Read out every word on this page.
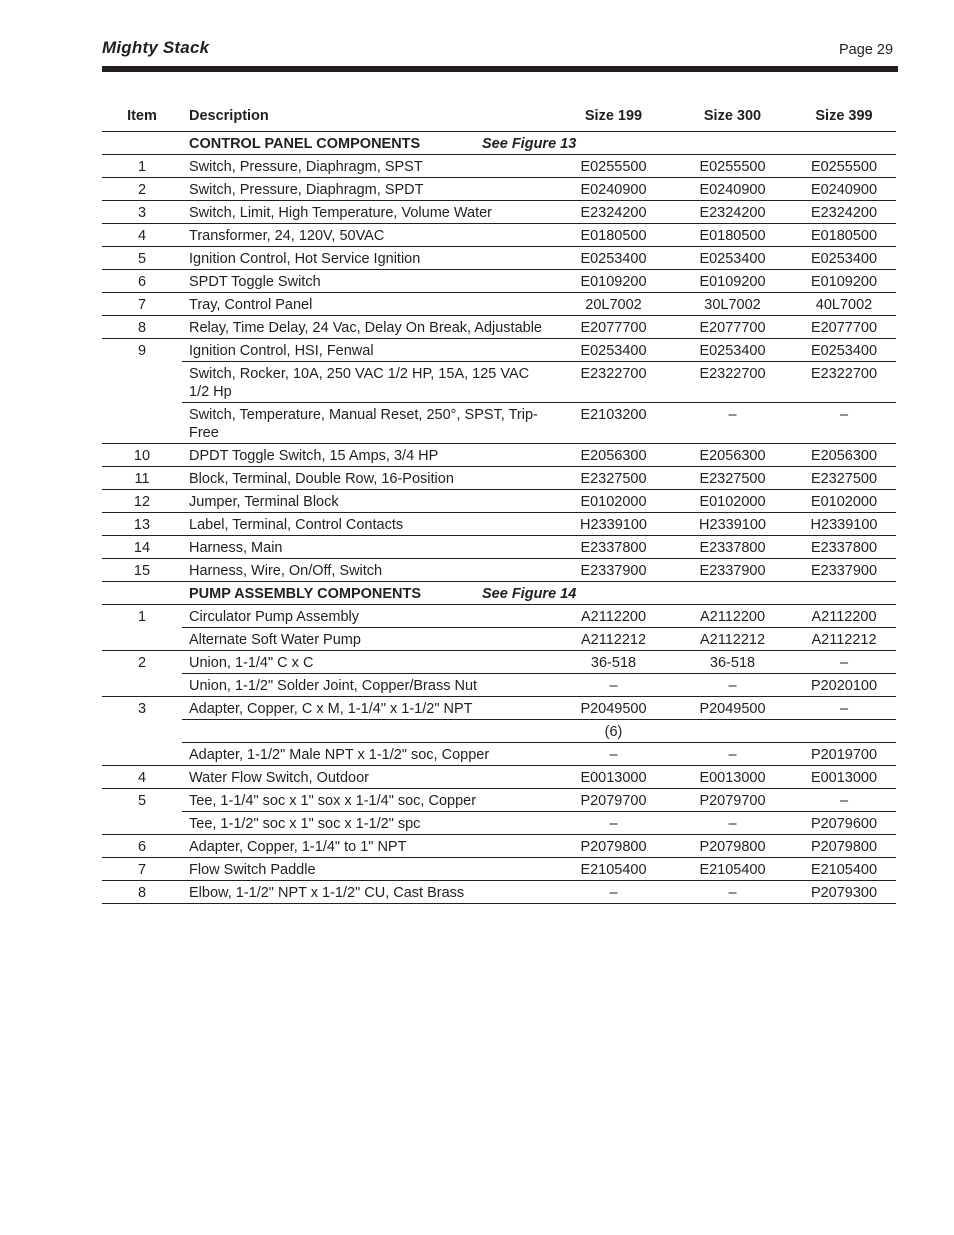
Mighty Stack	Page 29
Item	Description	Size 199	Size 300	Size 399
	CONTROL PANEL COMPONENTS See Figure 13			
1	Switch, Pressure, Diaphragm, SPST	E0255500	E0255500	E0255500
2	Switch, Pressure, Diaphragm, SPDT	E0240900	E0240900	E0240900
3	Switch, Limit, High Temperature, Volume Water	E2324200	E2324200	E2324200
4	Transformer, 24, 120V, 50VAC	E0180500	E0180500	E0180500
5	Ignition Control, Hot Service Ignition	E0253400	E0253400	E0253400
6	SPDT Toggle Switch	E0109200	E0109200	E0109200
7	Tray, Control Panel	20L7002	30L7002	40L7002
8	Relay, Time Delay, 24 Vac, Delay On Break, Adjustable	E2077700	E2077700	E2077700
9	Ignition Control, HSI, Fenwal	E0253400	E0253400	E0253400
	Switch, Rocker, 10A, 250 VAC 1/2 HP, 15A, 125 VAC 1/2 Hp	E2322700	E2322700	E2322700
	Switch, Temperature, Manual Reset, 250°, SPST, Trip-Free	E2103200	–	–
10	DPDT Toggle Switch, 15 Amps, 3/4 HP	E2056300	E2056300	E2056300
11	Block, Terminal, Double Row, 16-Position	E2327500	E2327500	E2327500
12	Jumper, Terminal Block	E0102000	E0102000	E0102000
13	Label, Terminal, Control Contacts	H2339100	H2339100	H2339100
14	Harness, Main	E2337800	E2337800	E2337800
15	Harness, Wire, On/Off, Switch	E2337900	E2337900	E2337900
	PUMP ASSEMBLY COMPONENTS See Figure 14			
1	Circulator Pump Assembly	A2112200	A2112200	A2112200
	Alternate Soft Water Pump	A2112212	A2112212	A2112212
2	Union, 1-1/4" C x C	36-518	36-518	–
	Union, 1-1/2" Solder Joint, Copper/Brass Nut	–	–	P2020100
3	Adapter, Copper, C x M, 1-1/4" x 1-1/2" NPT	P2049500	P2049500	–
		(6)		
	Adapter, 1-1/2" Male NPT x 1-1/2" soc, Copper	–	–	P2019700
4	Water Flow Switch, Outdoor	E0013000	E0013000	E0013000
5	Tee, 1-1/4" soc x 1" sox x 1-1/4" soc, Copper	P2079700	P2079700	–
	Tee, 1-1/2" soc x 1" soc x 1-1/2" spc	–	–	P2079600
6	Adapter, Copper, 1-1/4" to 1" NPT	P2079800	P2079800	P2079800
7	Flow Switch Paddle	E2105400	E2105400	E2105400
8	Elbow, 1-1/2" NPT x 1-1/2" CU, Cast Brass	–	–	P2079300
